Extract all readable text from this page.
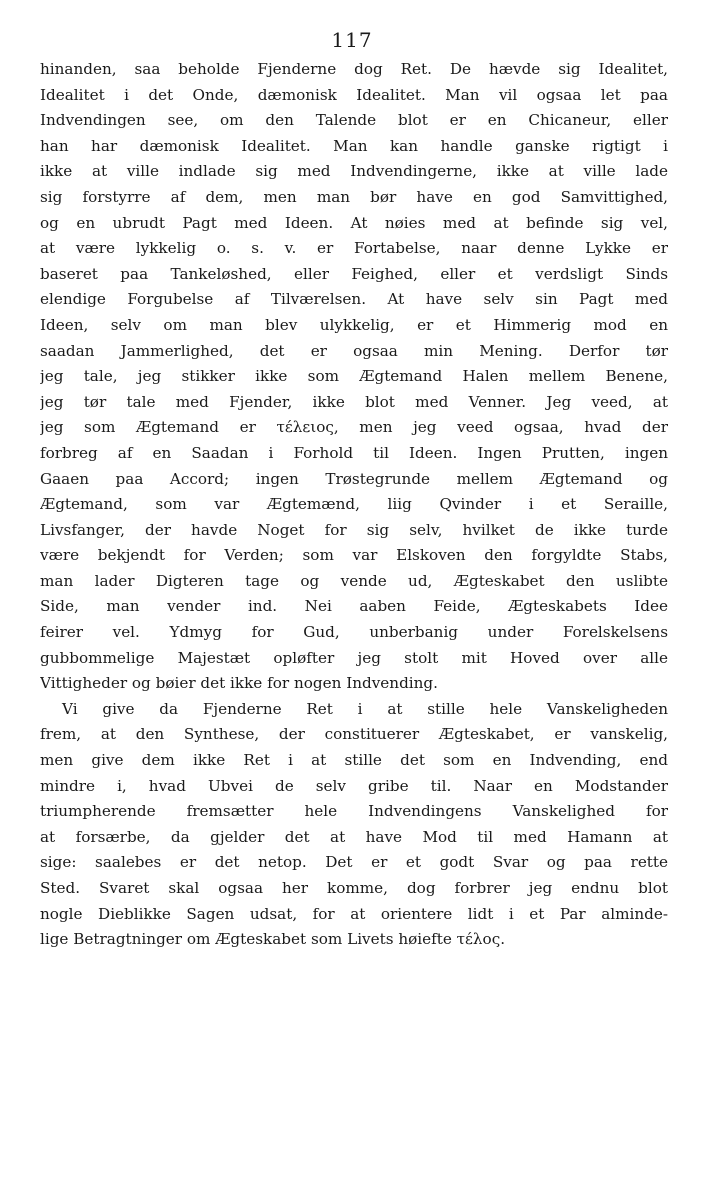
117
hinanden, saa beholde Fjenderne dog Ret. De hævde sig Idealitet,
Idealitet i det Onde, dæmonisk Idealitet. Man vil ogsaa let paa
Indvendingen see, om den Talende blot er en Chicaneur, eller
han har dæmonisk Idealitet. Man kan handle ganske rigtigt i
ikke at ville indlade sig med Indvendingerne, ikke at ville lade
sig forstyrre af dem, men man bør have en god Samvittighed,
og en ubrudt Pagt med Ideen. At nøies med at befinde sig vel,
at være lykkelig o. s. v. er Fortabelse, naar denne Lykke er
baseret paa Tankeløshed, eller Feighed, eller et verdsligt Sinds
elendige Forgubelse af Tilværelsen. At have selv sin Pagt med
Ideen, selv om man blev ulykkelig, er et Himmerig mod en
saadan Jammerlighed, det er ogsaa min Mening. Derfor tør
jeg tale, jeg stikker ikke som Ægtemand Halen mellem Benene,
jeg tør tale med Fjender, ikke blot med Venner. Jeg veed, at
jeg som Ægtemand er τέλειος, men jeg veed ogsaa, hvad der
forbreg af en Saadan i Forhold til Ideen. Ingen Prutten, ingen
Gaaen paa Accord; ingen Trøstegrunde mellem Ægtemand og
Ægtemand, som var Ægtemænd, liig Qvinder i et Seraille,
Livsfanger, der havde Noget for sig selv, hvilket de ikke turde
være bekjendt for Verden; som var Elskoven den forgyldte Stabs,
man lader Digteren tage og vende ud, Ægteskabet den uslibte
Side, man vender ind. Nei aaben Feide, Ægteskabets Idee
feirer vel. Ydmyg for Gud, unberbanig under Forelskelsens
gubbommelige Majestæt opløfter jeg stolt mit Hoved over alle
Vittigheder og bøier det ikke for nogen Indvending.
Vi give da Fjenderne Ret i at stille hele Vanskeligheden
frem, at den Synthese, der constituerer Ægteskabet, er vanskelig,
men give dem ikke Ret i at stille det som en Indvending, end
mindre i, hvad Ubvei de selv gribe til. Naar en Modstander
triumpherende fremsætter hele Indvendingens Vanskelighed for
at forsærbe, da gjelder det at have Mod til med Hamann at
sige: saalebes er det netop. Det er et godt Svar og paa rette
Sted. Svaret skal ogsaa her komme, dog forbrer jeg endnu blot
nogle Dieblikke Sagen udsat, for at orientere lidt i et Par alminde-
lige Betragtninger om Ægteskabet som Livets høiefte τέλος.
